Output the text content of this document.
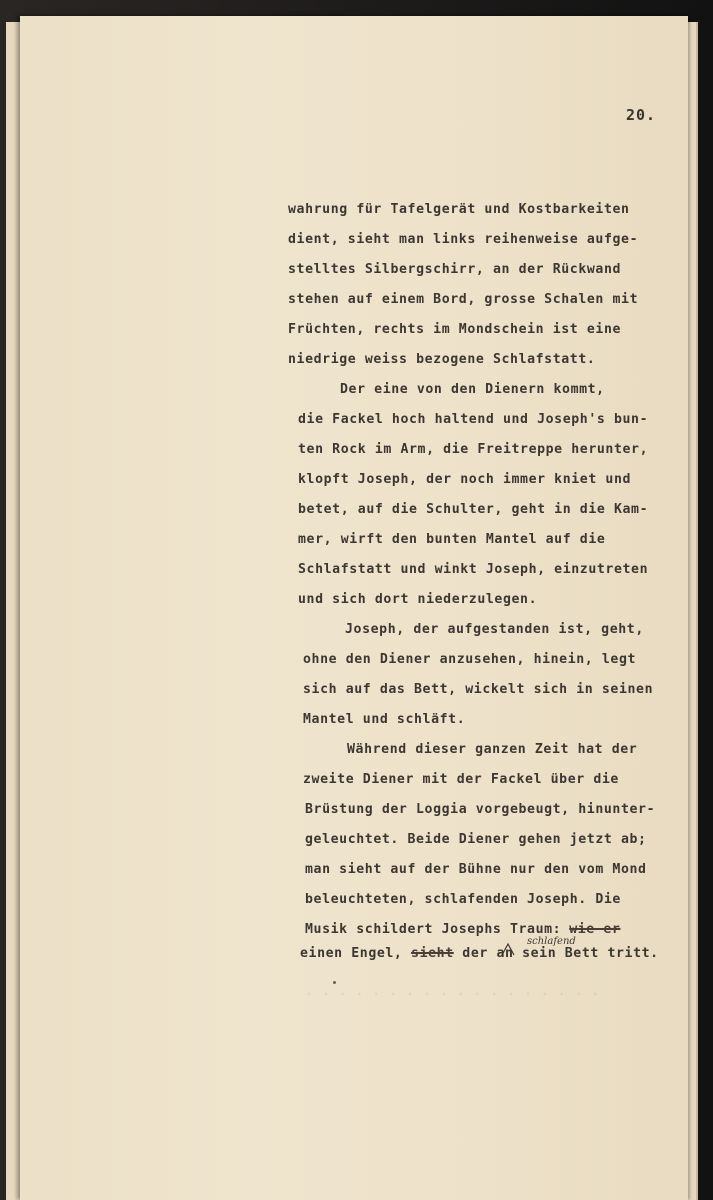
20.
wahrung für Tafelgerät und Kostbarkeiten
dient, sieht man links reihenweise aufge-
stelltes Silbergschirr, an der Rückwand
stehen auf einem Bord, grosse Schalen mit
Früchten, rechts im Mondschein ist eine
niedrige weiss bezogene Schlafstatt.
Der eine von den Dienern kommt,
die Fackel hoch haltend und Joseph's bun-
ten Rock im Arm, die Freitreppe herunter,
klopft Joseph, der noch immer kniet und
betet, auf die Schulter, geht in die Kam-
mer, wirft den bunten Mantel auf die
Schlafstatt und winkt Joseph, einzutreten
und sich dort niederzulegen.
Joseph, der aufgestanden ist, geht,
ohne den Diener anzusehen, hinein, legt
sich auf das Bett, wickelt sich in seinen
Mantel und schläft.
Während dieser ganzen Zeit hat der
zweite Diener mit der Fackel über die
Brüstung der Loggia vorgebeugt, hinunter-
geleuchtet. Beide Diener gehen jetzt ab;
man sieht auf der Bühne nur den vom Mond
beleuchteten, schlafenden Joseph. Die
Musik schildert Josephs Traum: wie er
einen Engel, sieht der an sein Bett tritt.
schlafend
. . . . . . . . . . . . . . . . . .
